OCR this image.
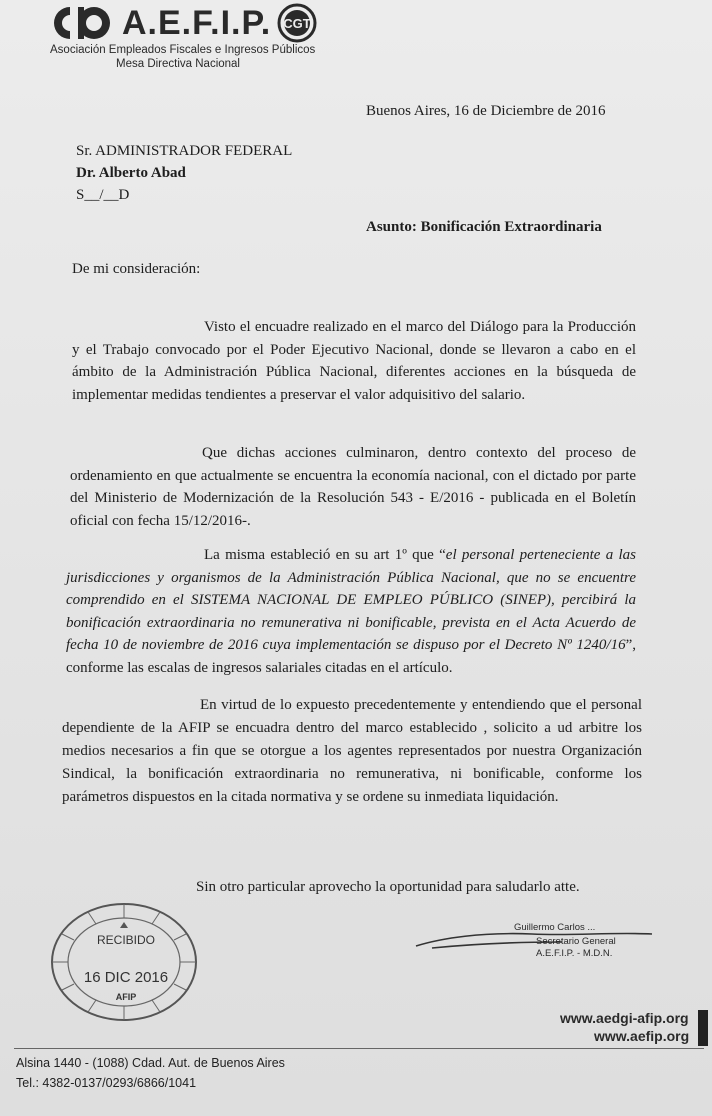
A.E.F.I.P. CGT
Asociación Empleados Fiscales e Ingresos Públicos
Mesa Directiva Nacional
Buenos Aires, 16 de Diciembre de 2016
Sr. ADMINISTRADOR FEDERAL
Dr. Alberto Abad
S__/__D
Asunto: Bonificación Extraordinaria
De mi consideración:
Visto el encuadre realizado en el marco del Diálogo para la Producción y el Trabajo convocado por el Poder Ejecutivo Nacional, donde se llevaron a cabo en el ámbito de la Administración Pública Nacional, diferentes acciones en la búsqueda de implementar medidas tendientes a preservar el valor adquisitivo del salario.
Que dichas acciones culminaron, dentro contexto del proceso de ordenamiento en que actualmente se encuentra la economía nacional, con el dictado por parte del Ministerio de Modernización de la Resolución 543 - E/2016 - publicada en el Boletín oficial con fecha 15/12/2016-.
La misma estableció en su art 1º que “el personal perteneciente a las jurisdicciones y organismos de la Administración Pública Nacional, que no se encuentre comprendido en el SISTEMA NACIONAL DE EMPLEO PÚBLICO (SINEP), percibirá la bonificación extraordinaria no remunerativa ni bonificable, prevista en el Acta Acuerdo de fecha 10 de noviembre de 2016 cuya implementación se dispuso por el Decreto Nº 1240/16”, conforme las escalas de ingresos salariales citadas en el artículo.
En virtud de lo expuesto precedentemente y entendiendo que el personal dependiente de la AFIP se encuadra dentro del marco establecido , solicito a ud arbitre los medios necesarios a fin que se otorgue a los agentes representados por nuestra Organización Sindical, la bonificación extraordinaria no remunerativa, ni bonificable, conforme los parámetros dispuestos en la citada normativa y se ordene su inmediata liquidación.
Sin otro particular aprovecho la oportunidad para saludarlo atte.
Guillermo Carlos ...
Secretario General
A.E.F.I.P. - M.D.N.
RECIBIDO
16 DIC 2016
AFIP
www.aedgi-afip.org
www.aefip.org
Alsina 1440 - (1088) Cdad. Aut. de Buenos Aires
Tel.: 4382-0137/0293/6866/1041
